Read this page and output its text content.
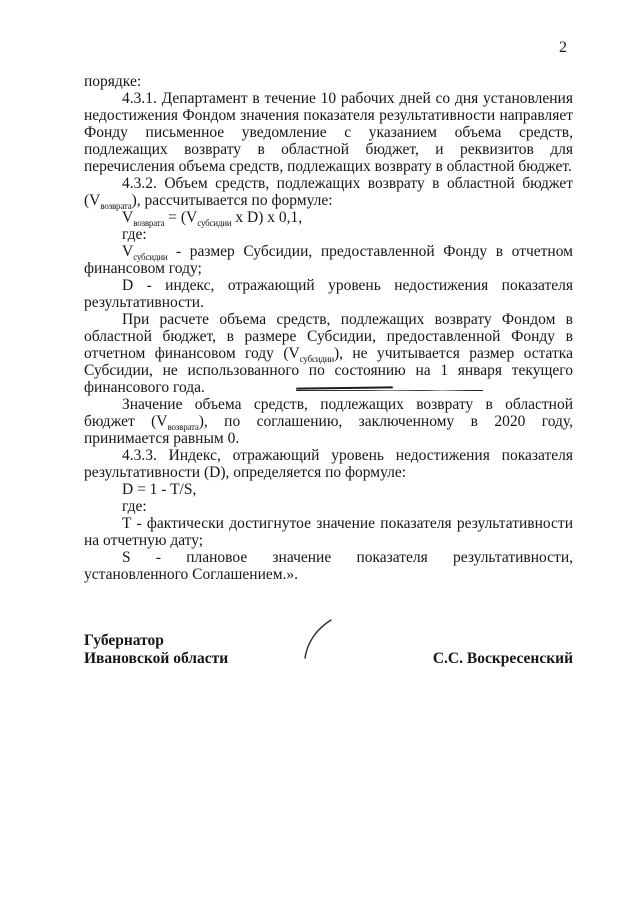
2

порядке:

4.3.1. Департамент в течение 10 рабочих дней со дня установления недостижения Фондом значения показателя результативности направляет Фонду письменное уведомление с указанием объема средств, подлежащих возврату в областной бюджет, и реквизитов для перечисления объема средств, подлежащих возврату в областной бюджет.

4.3.2. Объем средств, подлежащих возврату в областной бюджет $(V_{возврата})$, рассчитывается по формуле:

$V_{возврата} = (V_{субсидии}$ x D) x 0,1,

где:

$V_{субсидии}$ - размер Субсидии, предоставленной Фонду в отчетном финансовом году;

D - индекс, отражающий уровень недостижения показателя результативности.

При расчете объема средств, подлежащих возврату Фондом в областной бюджет, в размере Субсидии, предоставленной Фонду в отчетном финансовом году $(V_{субсидии})$, не учитывается размер остатка Субсидии, не использованного по состоянию на 1 января текущего финансового года.

Значение объема средств, подлежащих возврату в областной бюджет $(V_{возврата})$, по соглашению, заключенному в 2020 году, принимается равным 0.

4.3.3. Индекс, отражающий уровень недостижения показателя результативности (D), определяется по формуле:

D = 1 - T/S,

где:

T - фактически достигнутое значение показателя результативности на отчетную дату;

S - плановое значение показателя результативности, установленного Соглашением.».

Губернатор
Ивановской области	С.С. Воскресенский
